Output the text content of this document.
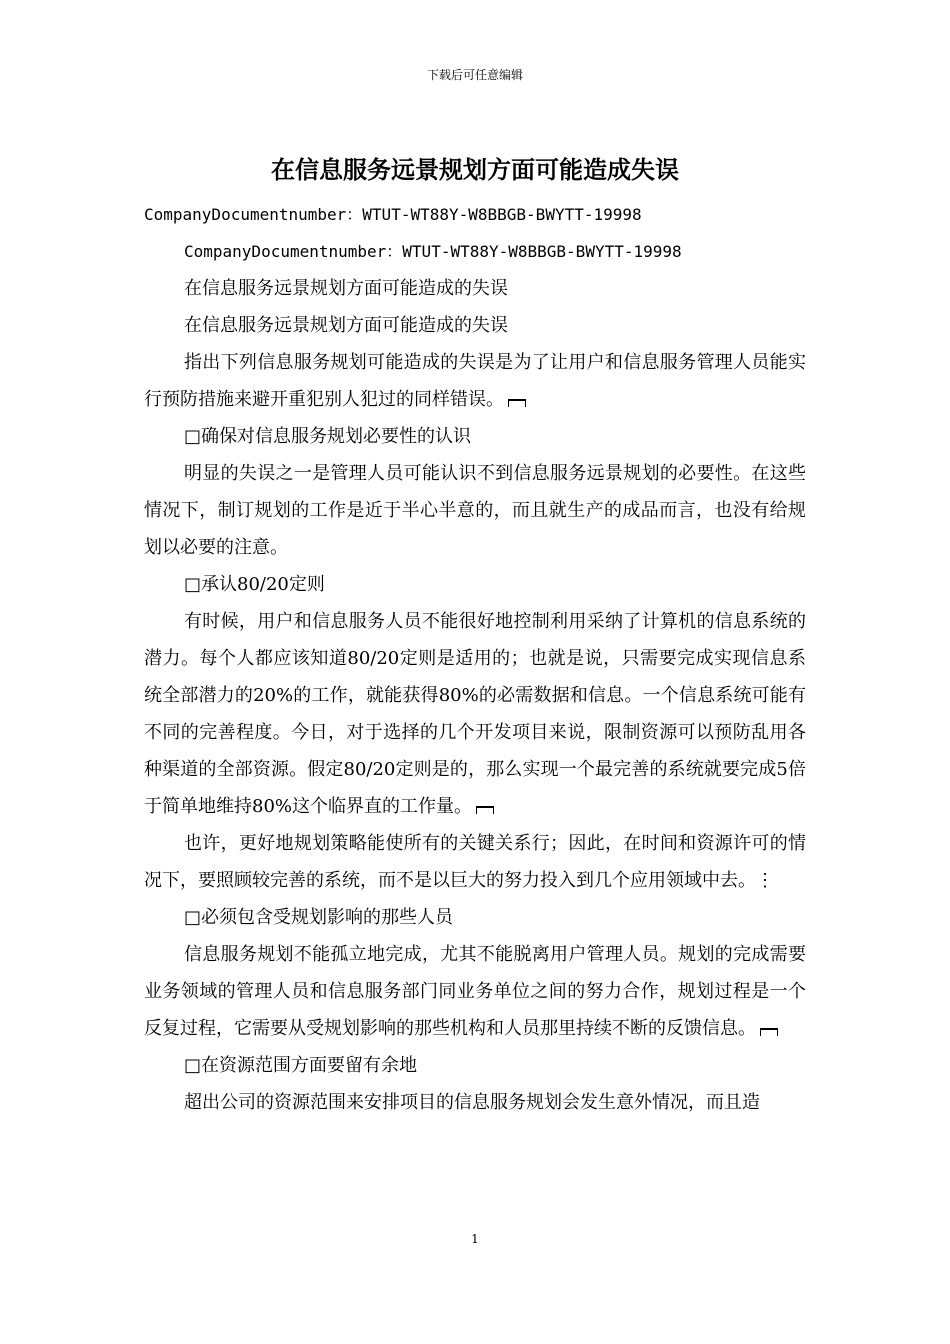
下载后可任意编辑
在信息服务远景规划方面可能造成失误

CompanyDocumentnumber：WTUT-WT88Y-W8BBGB-BWYTT-19998

CompanyDocumentnumber：WTUT-WT88Y-W8BBGB-BWYTT-19998

在信息服务远景规划方面可能造成的失误

在信息服务远景规划方面可能造成的失误

指出下列信息服务规划可能造成的失误是为了让用户和信息服务管理人员能实行预防措施来避开重犯别人犯过的同样错误。

□确保对信息服务规划必要性的认识

明显的失误之一是管理人员可能认识不到信息服务远景规划的必要性。在这些情况下，制订规划的工作是近于半心半意的，而且就生产的成品而言，也没有给规划以必要的注意。

□承认80/20定则

有时候，用户和信息服务人员不能很好地控制利用采纳了计算机的信息系统的潜力。每个人都应该知道80/20定则是适用的；也就是说，只需要完成实现信息系统全部潜力的20%的工作，就能获得80%的必需数据和信息。一个信息系统可能有不同的完善程度。今日，对于选择的几个开发项目来说，限制资源可以预防乱用各种渠道的全部资源。假定80/20定则是的，那么实现一个最完善的系统就要完成5倍于简单地维持80%这个临界直的工作量。

也许，更好地规划策略能使所有的关键关系行；因此，在时间和资源许可的情况下，要照顾较完善的系统，而不是以巨大的努力投入到几个应用领域中去。⋮

□必须包含受规划影响的那些人员

信息服务规划不能孤立地完成，尤其不能脱离用户管理人员。规划的完成需要业务领域的管理人员和信息服务部门同业务单位之间的努力合作，规划过程是一个反复过程，它需要从受规划影响的那些机构和人员那里持续不断的反馈信息。

□在资源范围方面要留有余地

超出公司的资源范围来安排项目的信息服务规划会发生意外情况，而且造

1
